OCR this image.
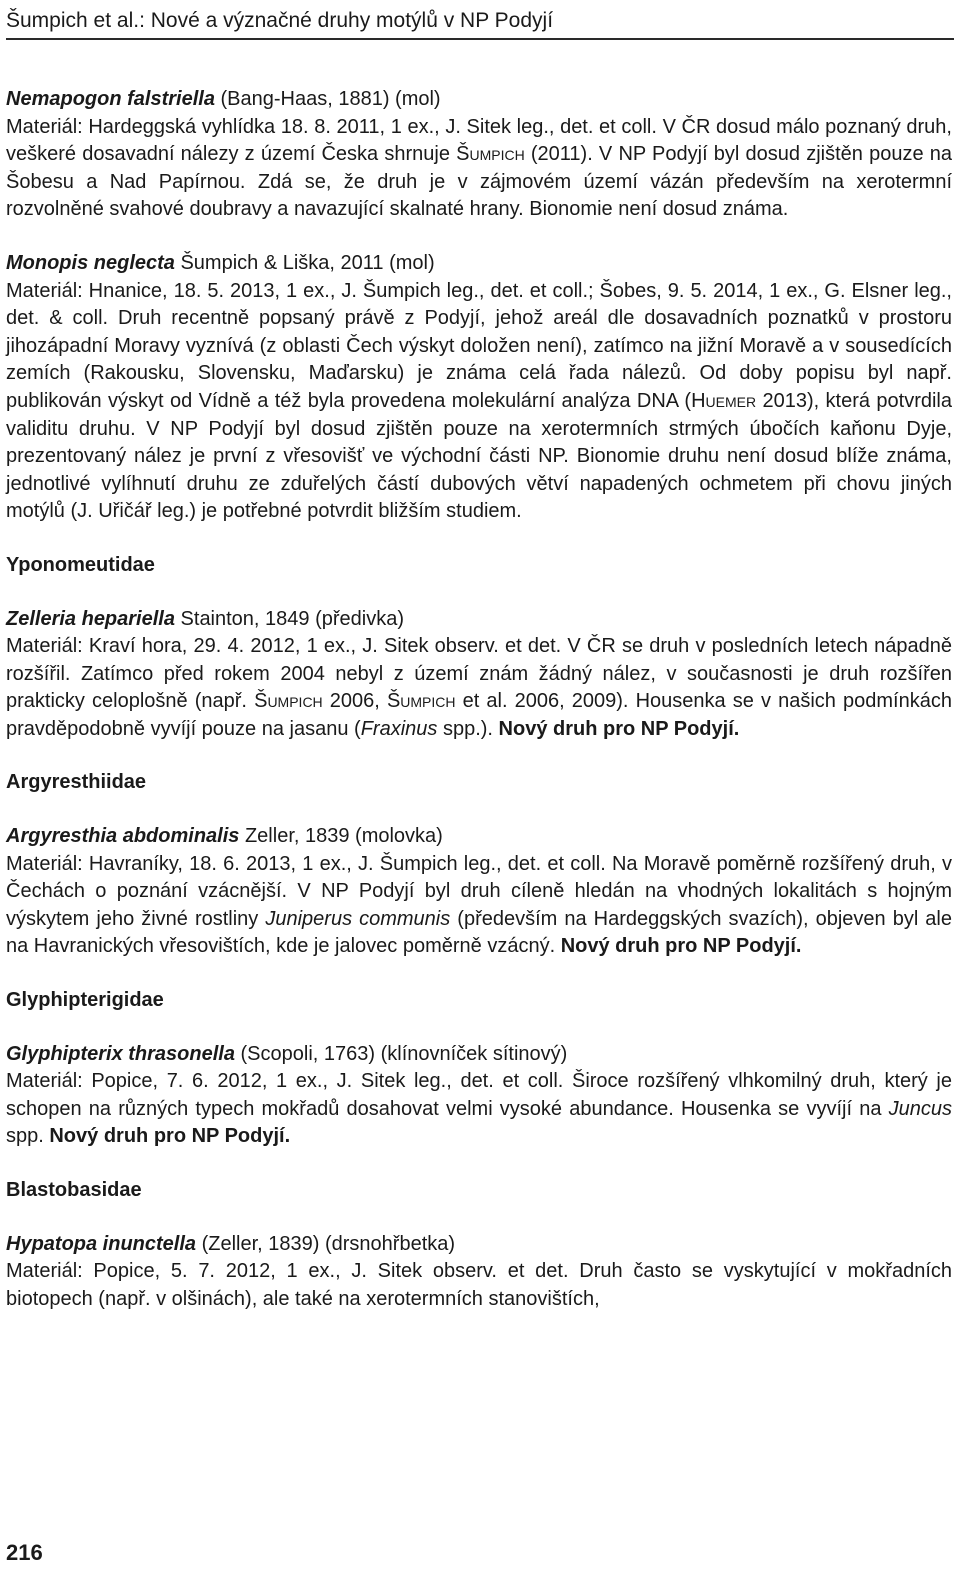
Šumpich et al.: Nové a význačné druhy motýlů v NP Podyjí

Nemapogon falstriella (Bang-Haas, 1881) (mol)

Materiál: Hardeggská vyhlídka 18. 8. 2011, 1 ex., J. Sitek leg., det. et coll. V ČR dosud málo poznaný druh, veškeré dosavadní nálezy z území Česka shrnuje Šumpich (2011). V NP Podyjí byl dosud zjištěn pouze na Šobesu a Nad Papírnou. Zdá se, že druh je v zájmovém území vázán především na xerotermní rozvolněné svahové doubravy a navazující skalnaté hrany. Bionomie není dosud známa.

Monopis neglecta Šumpich & Liška, 2011 (mol)

Materiál: Hnanice, 18. 5. 2013, 1 ex., J. Šumpich leg., det. et coll.; Šobes, 9. 5. 2014, 1 ex., G. Elsner leg., det. & coll. Druh recentně popsaný právě z Podyjí, jehož areál dle dosavadních poznatků v prostoru jihozápadní Moravy vyznívá (z oblasti Čech výskyt doložen není), zatímco na jižní Moravě a v sousedících zemích (Rakousku, Slovensku, Maďarsku) je známa celá řada nálezů. Od doby popisu byl např. publikován výskyt od Vídně a též byla provedena molekulární analýza DNA (Huemer 2013), která potvrdila validitu druhu. V NP Podyjí byl dosud zjištěn pouze na xerotermních strmých úbočích kaňonu Dyje, prezentovaný nález je první z vřesovišť ve východní části NP. Bionomie druhu není dosud blíže známa, jednotlivé vylíhnutí druhu ze zduřelých částí dubových větví napadených ochmetem při chovu jiných motýlů (J. Uřičář leg.) je potřebné potvrdit bližším studiem.

Yponomeutidae

Zelleria hepariella Stainton, 1849 (předivka)

Materiál: Kraví hora, 29. 4. 2012, 1 ex., J. Sitek observ. et det. V ČR se druh v posledních letech nápadně rozšířil. Zatímco před rokem 2004 nebyl z území znám žádný nález, v současnosti je druh rozšířen prakticky celoplošně (např. Šumpich 2006, Šumpich et al. 2006, 2009). Housenka se v našich podmínkách pravděpodobně vyvíjí pouze na jasanu (Fraxinus spp.). Nový druh pro NP Podyjí.

Argyresthiidae

Argyresthia abdominalis Zeller, 1839 (molovka)

Materiál: Havraníky, 18. 6. 2013, 1 ex., J. Šumpich leg., det. et coll. Na Moravě poměrně rozšířený druh, v Čechách o poznání vzácnější. V NP Podyjí byl druh cíleně hledán na vhodných lokalitách s hojným výskytem jeho živné rostliny Juniperus communis (především na Hardeggských svazích), objeven byl ale na Havranických vřesovištích, kde je jalovec poměrně vzácný. Nový druh pro NP Podyjí.

Glyphipterigidae

Glyphipterix thrasonella (Scopoli, 1763) (klínovníček sítinový)

Materiál: Popice, 7. 6. 2012, 1 ex., J. Sitek leg., det. et coll. Široce rozšířený vlhkomilný druh, který je schopen na různých typech mokřadů dosahovat velmi vysoké abundance. Housenka se vyvíjí na Juncus spp. Nový druh pro NP Podyjí.

Blastobasidae

Hypatopa inunctella (Zeller, 1839) (drsnohřbetka)

Materiál: Popice, 5. 7. 2012, 1 ex., J. Sitek observ. et det. Druh často se vyskytující v mokřadních biotopech (např. v olšinách), ale také na xerotermních stanovištích,

216
